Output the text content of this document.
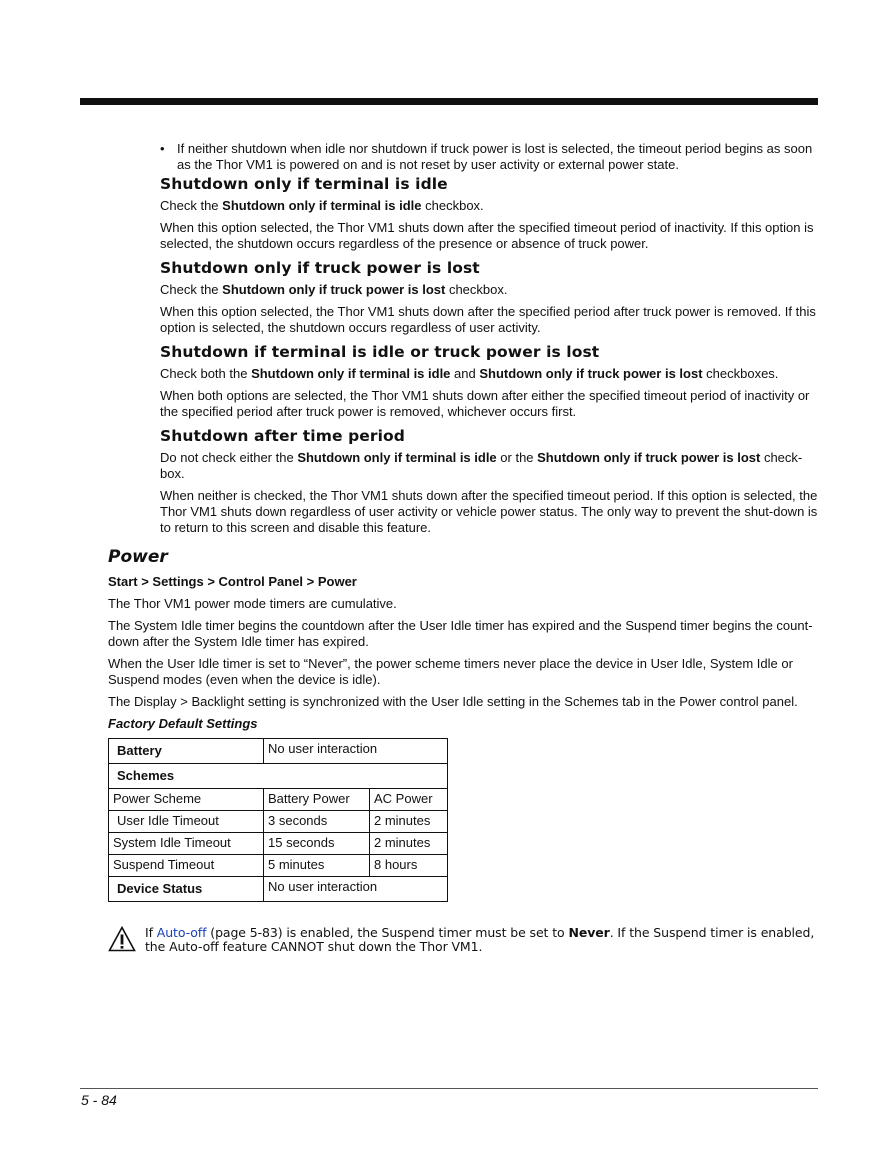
• If neither shutdown when idle nor shutdown if truck power is lost is selected, the timeout period begins as soon as the Thor VM1 is powered on and is not reset by user activity or external power state.

Shutdown only if terminal is idle

Check the Shutdown only if terminal is idle checkbox.

When this option selected, the Thor VM1 shuts down after the specified timeout period of inactivity. If this option is selected, the shutdown occurs regardless of the presence or absence of truck power.

Shutdown only if truck power is lost

Check the Shutdown only if truck power is lost checkbox.

When this option selected, the Thor VM1 shuts down after the specified period after truck power is removed. If this option is selected, the shutdown occurs regardless of user activity.

Shutdown if terminal is idle or truck power is lost

Check both the Shutdown only if terminal is idle and Shutdown only if truck power is lost checkboxes.

When both options are selected, the Thor VM1 shuts down after either the specified timeout period of inactivity or the specified period after truck power is removed, whichever occurs first.

Shutdown after time period

Do not check either the Shutdown only if terminal is idle or the Shutdown only if truck power is lost check-box.

When neither is checked, the Thor VM1 shuts down after the specified timeout period. If this option is selected, the Thor VM1 shuts down regardless of user activity or vehicle power status. The only way to prevent the shut-down is to return to this screen and disable this feature.

Power

Start > Settings > Control Panel > Power

The Thor VM1 power mode timers are cumulative.

The System Idle timer begins the countdown after the User Idle timer has expired and the Suspend timer begins the count-down after the System Idle timer has expired.

When the User Idle timer is set to “Never”, the power scheme timers never place the device in User Idle, System Idle or Suspend modes (even when the device is idle).

The Display > Backlight setting is synchronized with the User Idle setting in the Schemes tab in the Power control panel.

Factory Default Settings

Battery	No user interaction	
Schemes		
Power Scheme	Battery Power	AC Power
User Idle Timeout	3 seconds	2 minutes
System Idle Timeout	15 seconds	2 minutes
Suspend Timeout	5 minutes	8 hours
Device Status	No user interaction	

If Auto-off (page 5-83) is enabled, the Suspend timer must be set to Never. If the Suspend timer is enabled, the Auto-off feature CANNOT shut down the Thor VM1.

5 - 84
